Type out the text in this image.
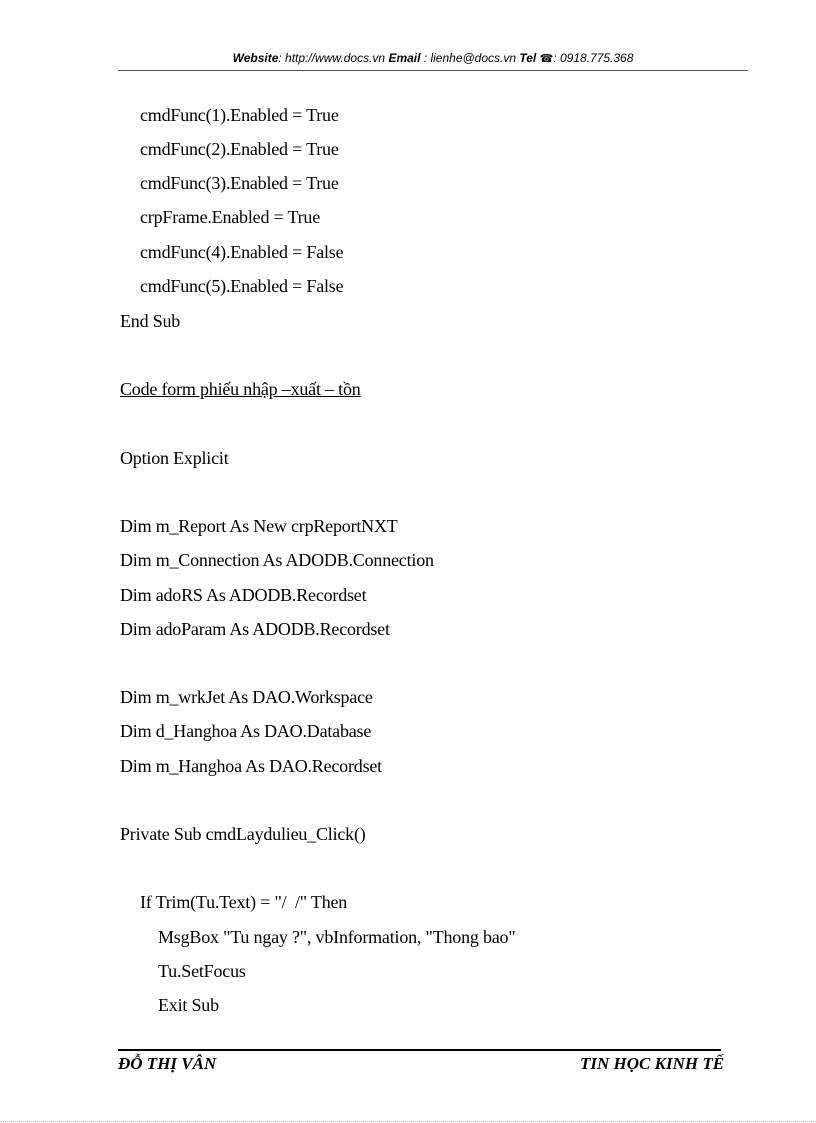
Website: http://www.docs.vn Email : lienhe@docs.vn Tel ☎: 0918.775.368
cmdFunc(1).Enabled = True
cmdFunc(2).Enabled = True
cmdFunc(3).Enabled = True
crpFrame.Enabled = True
cmdFunc(4).Enabled = False
cmdFunc(5).Enabled = False
End Sub
Code form phiếu nhập –xuất – tồn
Option Explicit
Dim m_Report As New crpReportNXT
Dim m_Connection As ADODB.Connection
Dim adoRS As ADODB.Recordset
Dim adoParam As ADODB.Recordset
Dim m_wrkJet As DAO.Workspace
Dim d_Hanghoa As DAO.Database
Dim m_Hanghoa As DAO.Recordset
Private Sub cmdLaydulieu_Click()
If Trim(Tu.Text) = "/  /" Then
MsgBox "Tu ngay ?", vbInformation, "Thong bao"
Tu.SetFocus
Exit Sub
ĐỖ THỊ VÂN	TIN HỌC KINH TẾ
